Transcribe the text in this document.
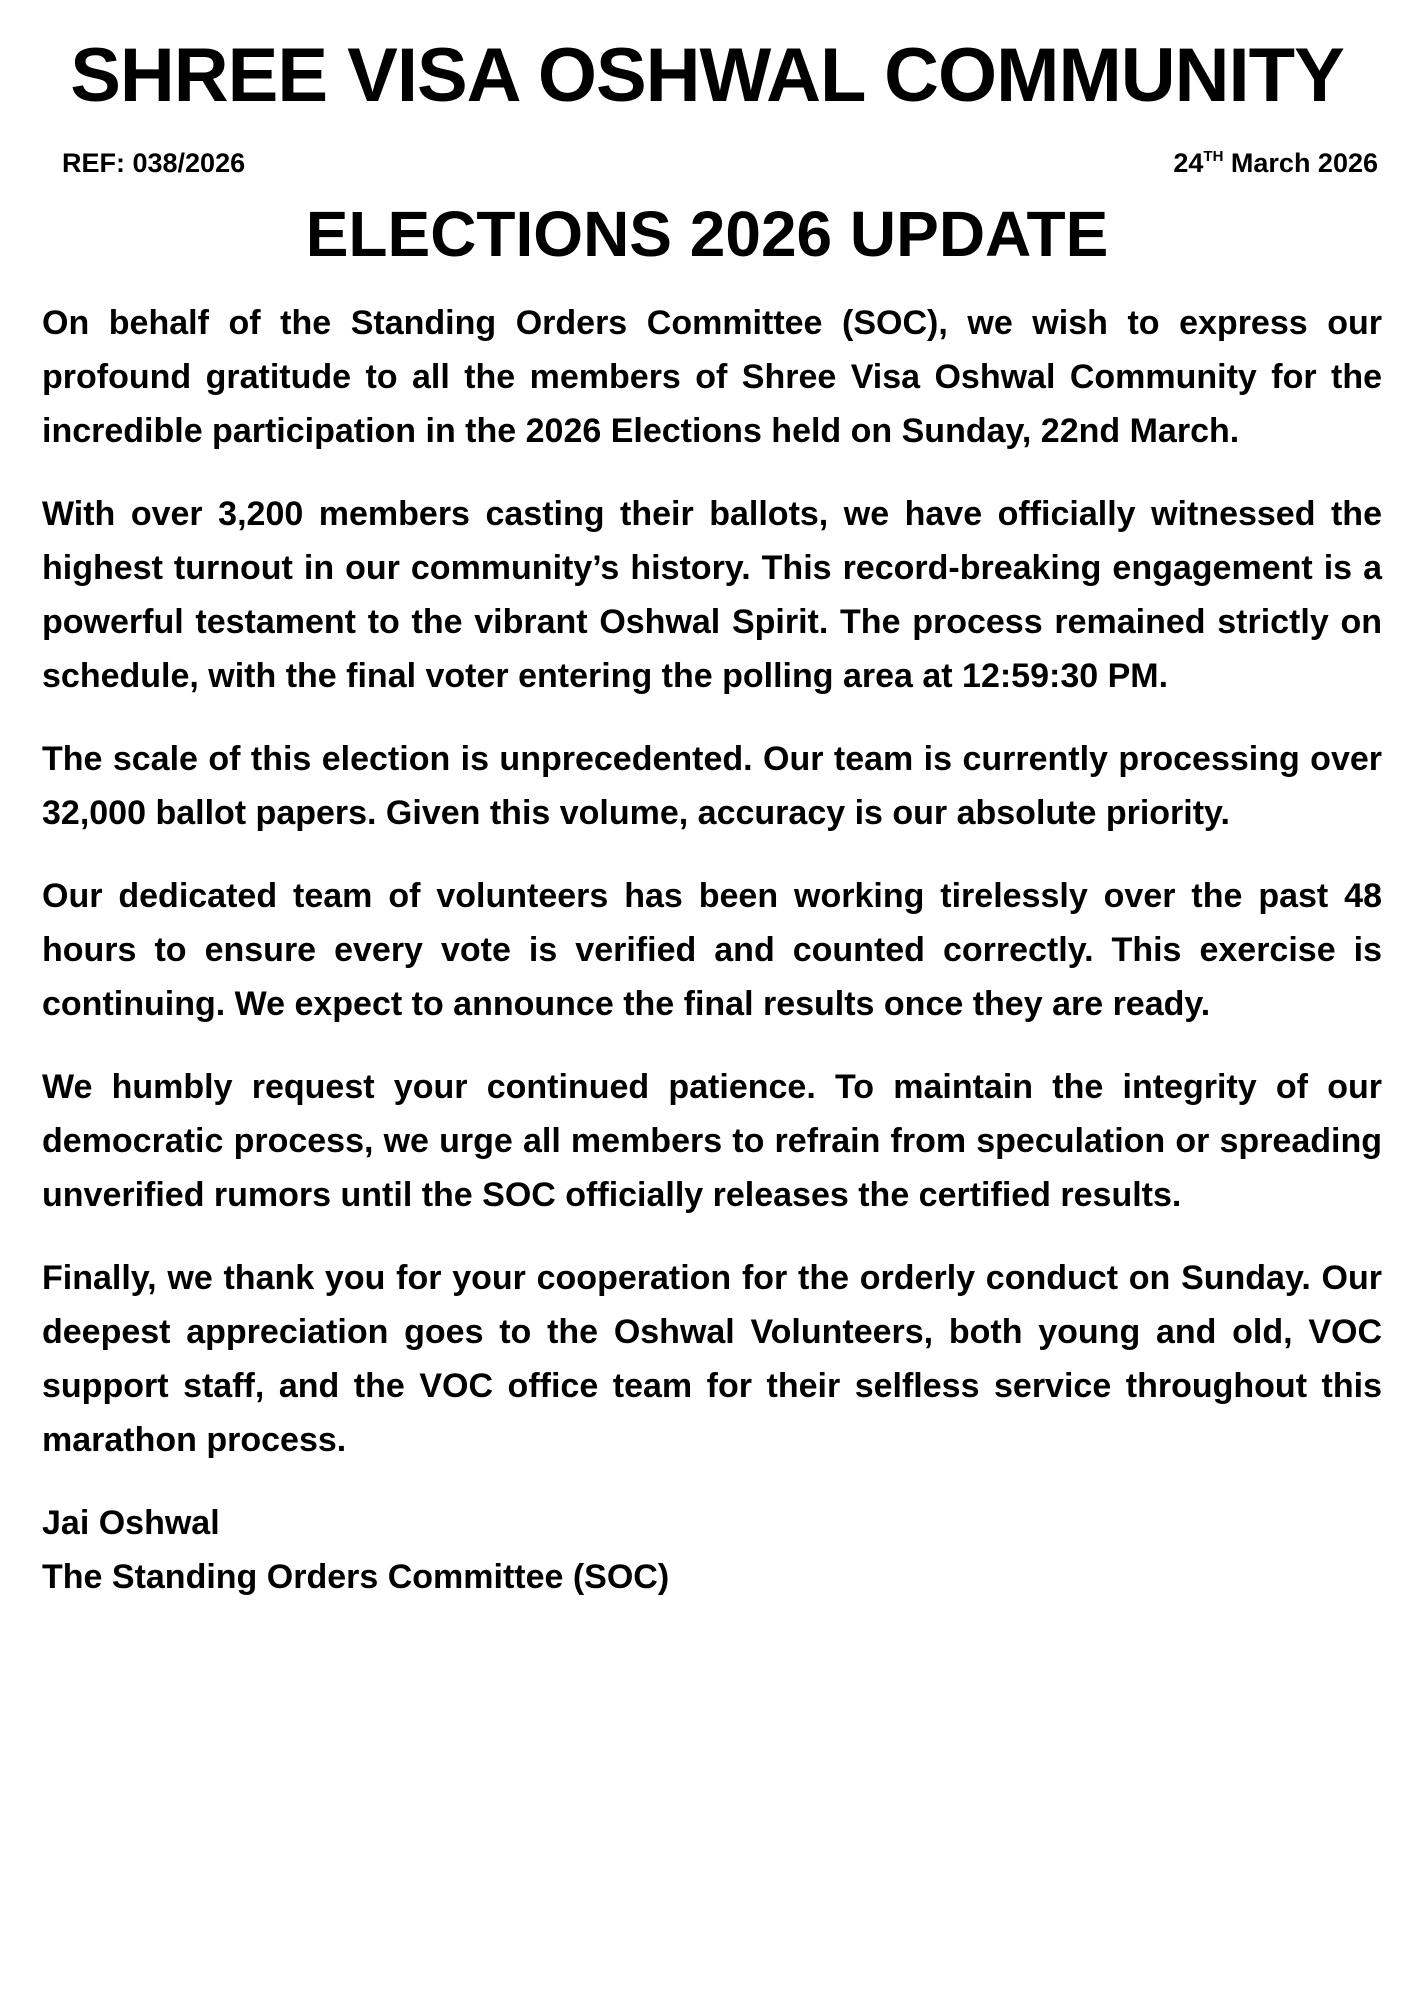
SHREE VISA OSHWAL COMMUNITY
REF: 038/2026	24TH March 2026
ELECTIONS 2026 UPDATE

On behalf of the Standing Orders Committee (SOC), we wish to express our profound gratitude to all the members of Shree Visa Oshwal Community for the incredible participation in the 2026 Elections held on Sunday, 22nd March.

With over 3,200 members casting their ballots, we have officially witnessed the highest turnout in our community’s history. This record-breaking engagement is a powerful testament to the vibrant Oshwal Spirit. The process remained strictly on schedule, with the final voter entering the polling area at 12:59:30 PM.

The scale of this election is unprecedented. Our team is currently processing over 32,000 ballot papers. Given this volume, accuracy is our absolute priority.

Our dedicated team of volunteers has been working tirelessly over the past 48 hours to ensure every vote is verified and counted correctly. This exercise is continuing. We expect to announce the final results once they are ready.

We humbly request your continued patience. To maintain the integrity of our democratic process, we urge all members to refrain from speculation or spreading unverified rumors until the SOC officially releases the certified results.

Finally, we thank you for your cooperation for the orderly conduct on Sunday. Our deepest appreciation goes to the Oshwal Volunteers, both young and old, VOC support staff, and the VOC office team for their selfless service throughout this marathon process.

Jai Oshwal
The Standing Orders Committee (SOC)
